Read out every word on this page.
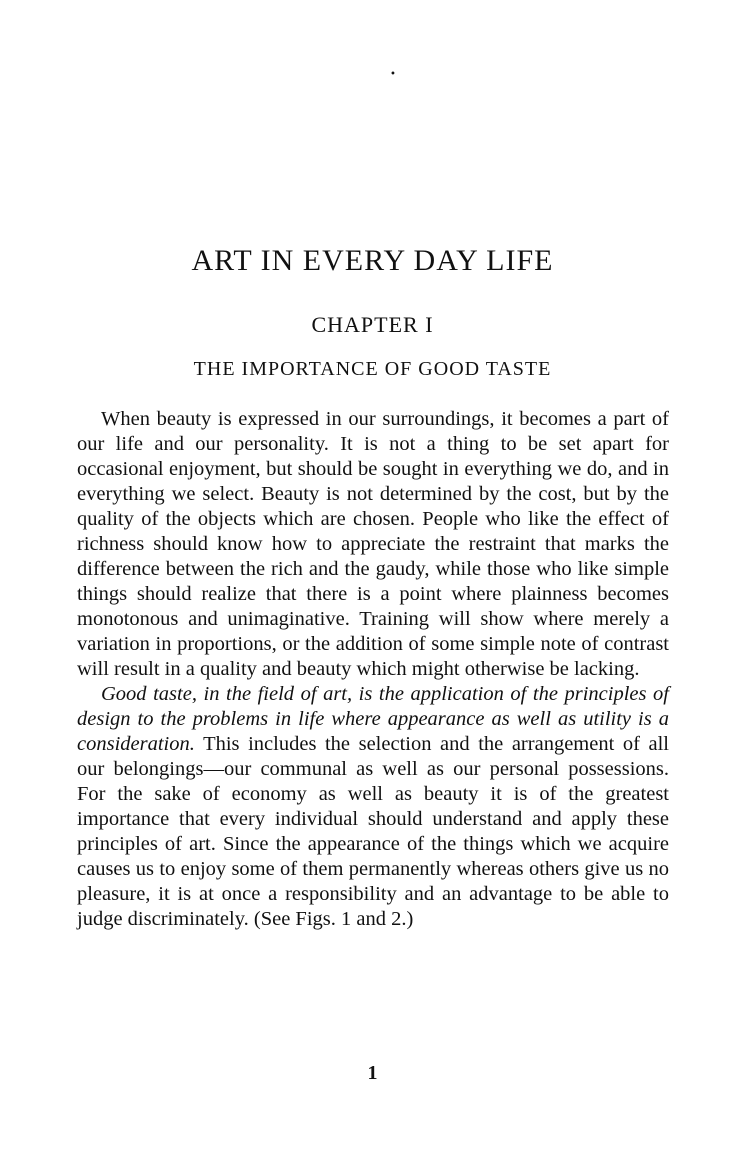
•
ART IN EVERY DAY LIFE
CHAPTER I
THE IMPORTANCE OF GOOD TASTE

When beauty is expressed in our surroundings, it becomes a part of our life and our personality. It is not a thing to be set apart for occasional enjoyment, but should be sought in everything we do, and in everything we select. Beauty is not determined by the cost, but by the quality of the objects which are chosen. People who like the effect of richness should know how to appreciate the restraint that marks the difference between the rich and the gaudy, while those who like simple things should realize that there is a point where plainness becomes monotonous and unimaginative. Training will show where merely a variation in proportions, or the addition of some simple note of contrast will result in a quality and beauty which might otherwise be lacking.

Good taste, in the field of art, is the application of the principles of design to the problems in life where appearance as well as utility is a consideration. This includes the selection and the arrangement of all our belongings—our communal as well as our personal possessions. For the sake of economy as well as beauty it is of the greatest importance that every individual should understand and apply these principles of art. Since the appearance of the things which we acquire causes us to enjoy some of them permanently whereas others give us no pleasure, it is at once a responsibility and an advantage to be able to judge discriminately. (See Figs. 1 and 2.)

1
